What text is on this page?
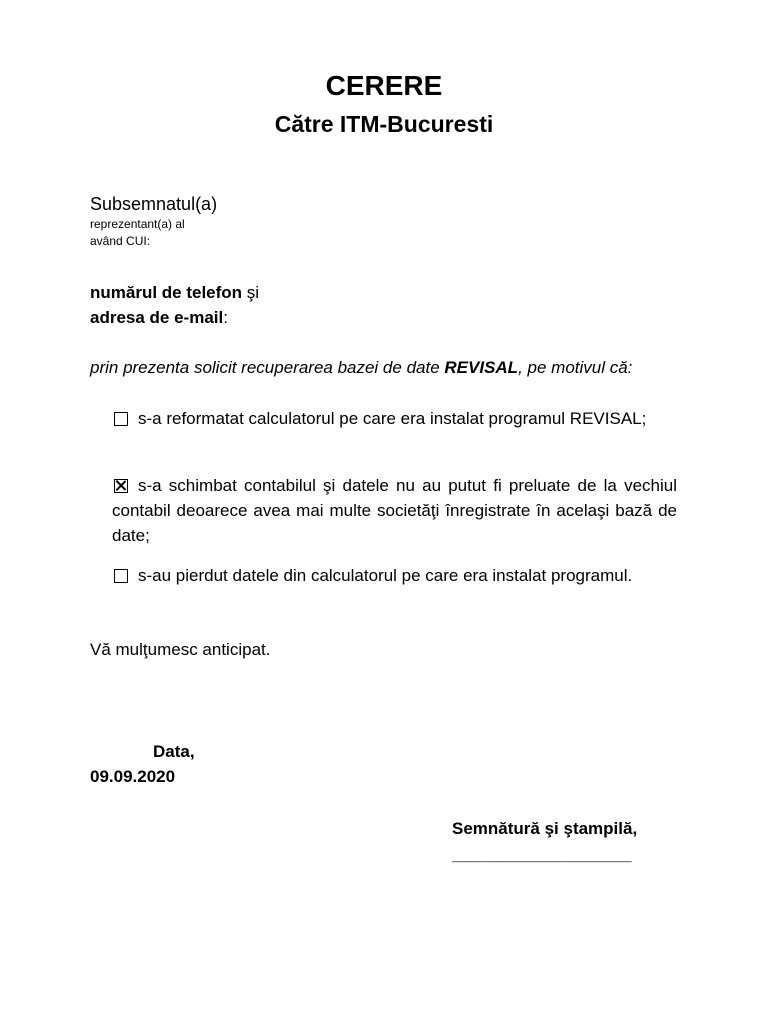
CERERE
Către ITM-Bucuresti
Subsemnatul(a)
reprezentant(a) al
având CUI:
numărul de telefon şi
adresa de e-mail:
prin prezenta solicit recuperarea bazei de date REVISAL, pe motivul că:
s-a reformatat calculatorul pe care era instalat programul REVISAL;
s-a schimbat contabilul şi datele nu au putut fi preluate de la vechiul contabil deoarece avea mai multe societăţi înregistrate în acelaşi bază de date;
s-au pierdut datele din calculatorul pe care era instalat programul.
Vă mulţumesc anticipat.
Data,
09.09.2020
Semnătură şi ştampilă,
____________________
